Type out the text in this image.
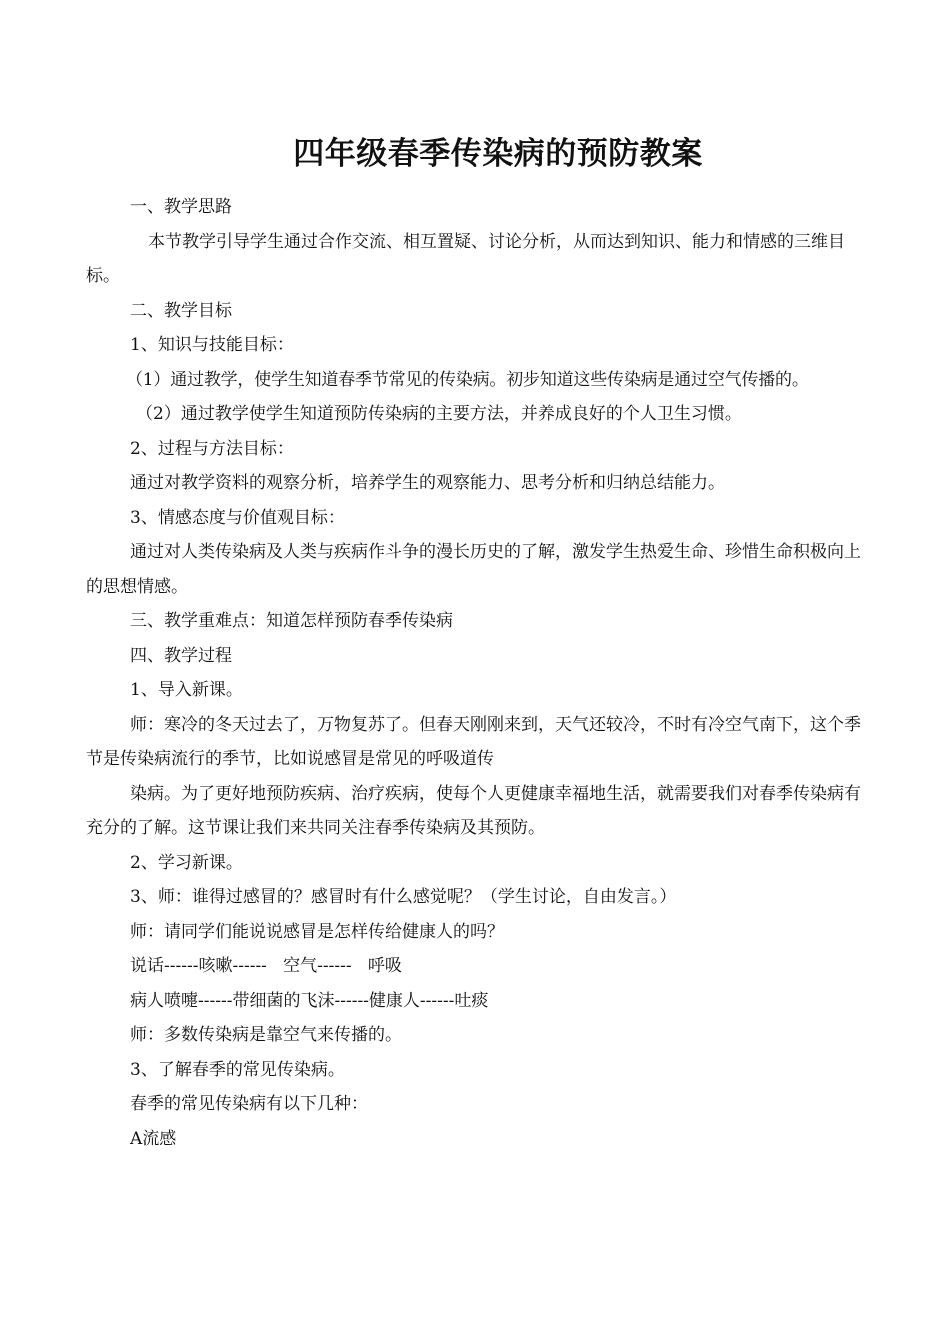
四年级春季传染病的预防教案

一、教学思路

本节教学引导学生通过合作交流、相互置疑、讨论分析，从而达到知识、能力和情感的三维目标。

二、教学目标

1、知识与技能目标：

（1）通过教学，使学生知道春季节常见的传染病。初步知道这些传染病是通过空气传播的。

（2）通过教学使学生知道预防传染病的主要方法，并养成良好的个人卫生习惯。

2、过程与方法目标：

通过对教学资料的观察分析，培养学生的观察能力、思考分析和归纳总结能力。

3、情感态度与价值观目标：

通过对人类传染病及人类与疾病作斗争的漫长历史的了解，激发学生热爱生命、珍惜生命积极向上的思想情感。

三、教学重难点：知道怎样预防春季传染病

四、教学过程

1、导入新课。

师：寒冷的冬天过去了，万物复苏了。但春天刚刚来到，天气还较冷，不时有冷空气南下，这个季节是传染病流行的季节，比如说感冒是常见的呼吸道传

染病。为了更好地预防疾病、治疗疾病，使每个人更健康幸福地生活，就需要我们对春季传染病有充分的了解。这节课让我们来共同关注春季传染病及其预防。

2、学习新课。

3、师：谁得过感冒的？感冒时有什么感觉呢？（学生讨论，自由发言。）

师：请同学们能说说感冒是怎样传给健康人的吗？

说话------咳嗽------   空气------   呼吸

病人喷嚏------带细菌的飞沫------健康人------吐痰

师：多数传染病是靠空气来传播的。

3、了解春季的常见传染病。

春季的常见传染病有以下几种：

A流感
